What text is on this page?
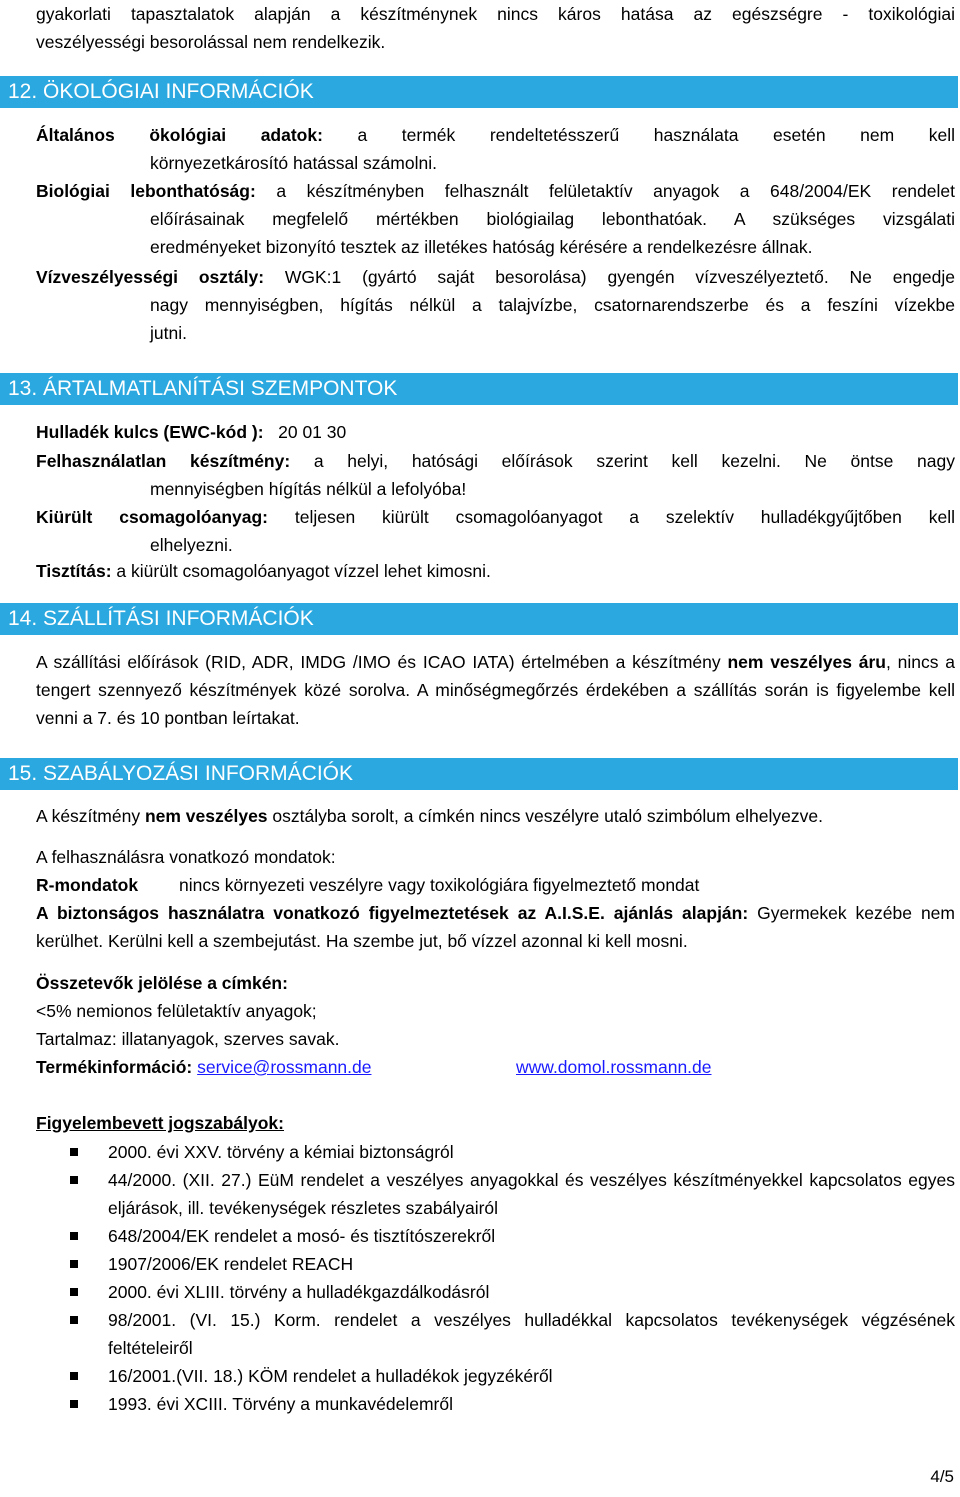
gyakorlati tapasztalatok alapján a készítménynek nincs káros hatása az egészségre - toxikológiai
veszélyességi besorolással nem rendelkezik.
12. ÖKOLÓGIAI INFORMÁCIÓK
Általános ökológiai adatok: a termék rendeltetésszerű használata esetén nem kell
környezetkárosító hatással számolni.
Biológiai lebonthatóság: a készítményben felhasznált felületaktív anyagok a 648/2004/EK rendelet
előírásainak megfelelő mértékben biológiailag lebonthatóak. A szükséges vizsgálati
eredményeket bizonyító tesztek az illetékes hatóság kérésére a rendelkezésre állnak.
Vízveszélyességi osztály: WGK:1 (gyártó saját besorolása) gyengén vízveszélyeztető. Ne engedje
nagy mennyiségben, hígítás nélkül a talajvízbe, csatornarendszerbe és a feszíni vízekbe
jutni.
13. ÁRTALMATLANÍTÁSI SZEMPONTOK
Hulladék kulcs (EWC-kód ): 20 01 30
Felhasználatlan készítmény: a helyi, hatósági előírások szerint kell kezelni. Ne öntse nagy
mennyiségben hígítás nélkül a lefolyóba!
Kiürült csomagolóanyag: teljesen kiürült csomagolóanyagot a szelektív hulladékgyűjtőben kell
elhelyezni.
Tisztítás: a kiürült csomagolóanyagot vízzel lehet kimosni.
14. SZÁLLÍTÁSI INFORMÁCIÓK

A szállítási előírások (RID, ADR, IMDG /IMO és ICAO IATA) értelmében a készítmény nem veszélyes áru, nincs a tengert szennyező készítmények közé sorolva. A minőségmegőrzés érdekében a szállítás során is figyelembe kell venni a 7. és 10 pontban leírtakat.

15. SZABÁLYOZÁSI INFORMÁCIÓK

A készítmény nem veszélyes osztályba sorolt, a címkén nincs veszélyre utaló szimbólum elhelyezve.

A felhasználásra vonatkozó mondatok:

R-mondatok nincs környezeti veszélyre vagy toxikológiára figyelmeztető mondat

A biztonságos használatra vonatkozó figyelmeztetések az A.I.S.E. ajánlás alapján: Gyermekek kezébe nem kerülhet. Kerülni kell a szembejutást. Ha szembe jut, bő vízzel azonnal ki kell mosni.

Összetevők jelölése a címkén:

<5% nemionos felületaktív anyagok;

Tartalmaz: illatanyagok, szerves savak.

Termékinformáció: service@rossmann.de	www.domol.rossmann.de

Figyelembevett jogszabályok:

2000. évi XXV. törvény a kémiai biztonságról
44/2000. (XII. 27.) EüM rendelet a veszélyes anyagokkal és veszélyes készítményekkel kapcsolatos egyes eljárások, ill. tevékenységek részletes szabályairól
648/2004/EK rendelet a mosó- és tisztítószerekről
1907/2006/EK rendelet REACH
2000. évi XLIII. törvény a hulladékgazdálkodásról
98/2001. (VI. 15.) Korm. rendelet a veszélyes hulladékkal kapcsolatos tevékenységek végzésének feltételeiről
16/2001.(VII. 18.) KÖM rendelet a hulladékok jegyzékéről
1993. évi XCIII. Törvény a munkavédelemről
4/5
